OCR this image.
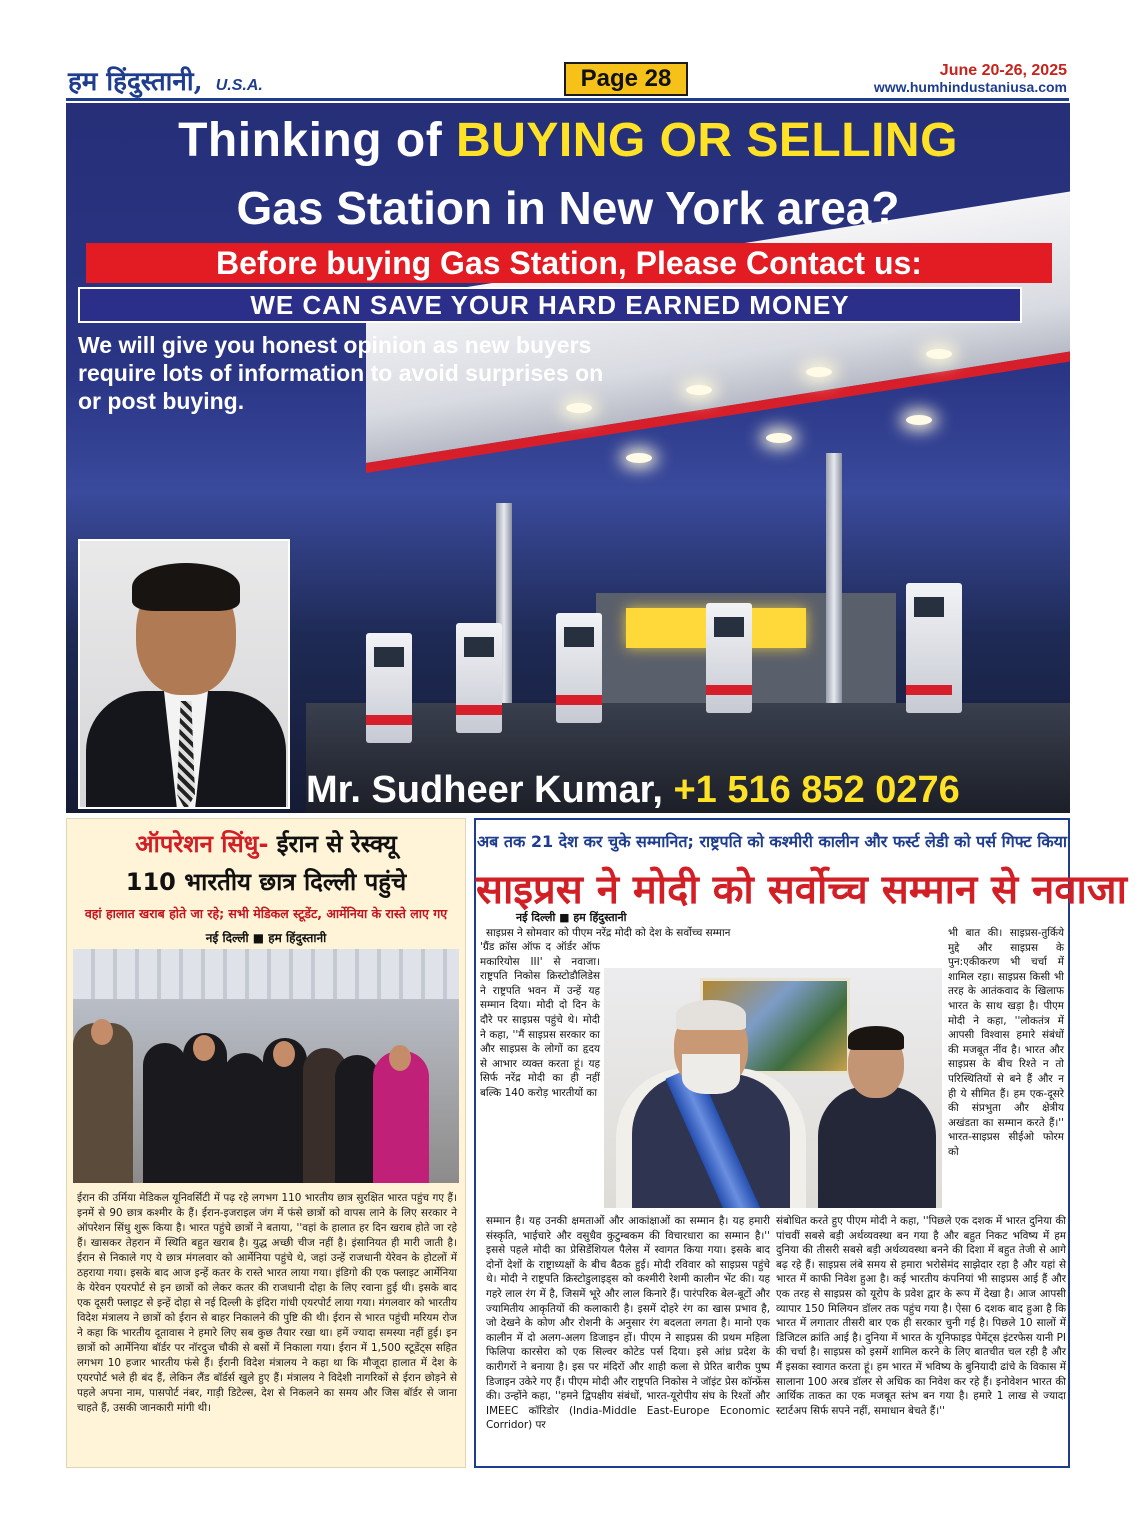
हम हिंदुस्तानी, U.S.A.	Page 28	June 20-26, 2025
www.humhindustaniusa.com
Thinking of BUYING OR SELLING
Gas Station in New York area?
Before buying Gas Station, Please Contact us:
WE CAN SAVE YOUR HARD EARNED MONEY
We will give you honest opinion as new buyers require lots of information to avoid surprises on or post buying.
Mr. Sudheer Kumar, +1 516 852 0276
ऑपरेशन सिंधु- ईरान से रेस्क्यू
110 भारतीय छात्र दिल्ली पहुंचे
वहां हालात खराब होते जा रहे; सभी मेडिकल स्टूडेंट, आर्मेनिया के रास्ते लाए गए
नई दिल्ली ■ हम हिंदुस्तानी
ईरान की उर्मिया मेडिकल यूनिवर्सिटी में पढ़ रहे लगभग 110 भारतीय छात्र सुरक्षित भारत पहुंच गए हैं। इनमें से 90 छात्र कश्मीर के हैं। ईरान-इजराइल जंग में फंसे छात्रों को वापस लाने के लिए सरकार ने ऑपरेशन सिंधु शुरू किया है। भारत पहुंचे छात्रों ने बताया, ''वहां के हालात हर दिन खराब होते जा रहे हैं। खासकर तेहरान में स्थिति बहुत खराब है। युद्ध अच्छी चीज नहीं है। इंसानियत ही मारी जाती है। ईरान से निकाले गए ये छात्र मंगलवार को आर्मेनिया पहुंचे थे, जहां उन्हें राजधानी येरेवन के होटलों में ठहराया गया। इसके बाद आज इन्हें कतर के रास्ते भारत लाया गया। इंडिगो की एक फ्लाइट आर्मेनिया के येरेवन एयरपोर्ट से इन छात्रों को लेकर कतर की राजधानी दोहा के लिए रवाना हुई थी। इसके बाद एक दूसरी फ्लाइट से इन्हें दोहा से नई दिल्ली के इंदिरा गांधी एयरपोर्ट लाया गया। मंगलवार को भारतीय विदेश मंत्रालय ने छात्रों को ईरान से बाहर निकालने की पुष्टि की थी। ईरान से भारत पहुंची मरियम रोज ने कहा कि भारतीय दूतावास ने हमारे लिए सब कुछ तैयार रखा था। हमें ज्यादा समस्या नहीं हुई। इन छात्रों को आर्मेनिया बॉर्डर पर नॉरदुज चौकी से बसों में निकाला गया। ईरान में 1,500 स्टूडेंट्स सहित लगभग 10 हजार भारतीय फंसे हैं। ईरानी विदेश मंत्रालय ने कहा था कि मौजूदा हालात में देश के एयरपोर्ट भले ही बंद हैं, लेकिन लैंड बॉर्डर्स खुले हुए हैं। मंत्रालय ने विदेशी नागरिकों से ईरान छोड़ने से पहले अपना नाम, पासपोर्ट नंबर, गाड़ी डिटेल्स, देश से निकलने का समय और जिस बॉर्डर से जाना चाहते हैं, उसकी जानकारी मांगी थी।
अब तक 21 देश कर चुके सम्मानित; राष्ट्रपति को कश्मीरी कालीन और फर्स्ट लेडी को पर्स गिफ्ट किया
साइप्रस ने मोदी को सर्वोच्च सम्मान से नवाजा
नई दिल्ली ■ हम हिंदुस्तानी
साइप्रस ने सोमवार को पीएम नरेंद्र मोदी को देश के सर्वोच्च सम्मान
'ग्रैंड क्रॉस ऑफ द ऑर्डर ऑफ मकारियोस III' से नवाजा। राष्ट्रपति निकोस क्रिस्टोडौलिडेस ने राष्ट्रपति भवन में उन्हें यह सम्मान दिया। मोदी दो दिन के दौरे पर साइप्रस पहुंचे थे। मोदी ने कहा, ''मैं साइप्रस सरकार का और साइप्रस के लोगों का हृदय से आभार व्यक्त करता हूं। यह सिर्फ नरेंद्र मोदी का ही नहीं बल्कि 140 करोड़ भारतीयों का
भी बात की। साइप्रस-तुर्किये मुद्दे और साइप्रस के पुन:एकीकरण भी चर्चा में शामिल रहा। साइप्रस किसी भी तरह के आतंकवाद के खिलाफ भारत के साथ खड़ा है। पीएम मोदी ने कहा, ''लोकतंत्र में आपसी विश्वास हमारे संबंधों की मजबूत नींव है। भारत और साइप्रस के बीच रिश्ते न तो परिस्थितियों से बने हैं और न ही ये सीमित हैं। हम एक-दूसरे की संप्रभुता और क्षेत्रीय अखंडता का सम्मान करते हैं।'' भारत-साइप्रस सीईओ फोरम को
सम्मान है। यह उनकी क्षमताओं और आकांक्षाओं का सम्मान है। यह हमारी संस्कृति, भाईचारे और वसुधैव कुटुम्बकम की विचारधारा का सम्मान है।'' इससे पहले मोदी का प्रेसिडेंशियल पैलेस में स्वागत किया गया। इसके बाद दोनों देशों के राष्ट्राध्यक्षों के बीच बैठक हुई। मोदी रविवार को साइप्रस पहुंचे थे। मोदी ने राष्ट्रपति क्रिस्टोडुलाइड्स को कश्मीरी रेशमी कालीन भेंट की। यह गहरे लाल रंग में है, जिसमें भूरे और लाल किनारे हैं। पारंपरिक बेल-बूटों और ज्यामितीय आकृतियों की कलाकारी है। इसमें दोहरे रंग का खास प्रभाव है, जो देखने के कोण और रोशनी के अनुसार रंग बदलता लगता है। मानो एक कालीन में दो अलग-अलग डिजाइन हों। पीएम ने साइप्रस की प्रथम महिला फिलिपा कारसेरा को एक सिल्वर कोटेड पर्स दिया। इसे आंध्र प्रदेश के कारीगरों ने बनाया है। इस पर मंदिरों और शाही कला से प्रेरित बारीक पुष्प डिजाइन उकेरे गए हैं। पीएम मोदी और राष्ट्रपति निकोस ने जॉइंट प्रेस कॉन्फ्रेंस की। उन्होंने कहा, ''हमने द्विपक्षीय संबंधों, भारत-यूरोपीय संघ के रिश्तों और IMEEC कॉरिडोर (India-Middle East-Europe Economic Corridor) पर
संबोधित करते हुए पीएम मोदी ने कहा, ''पिछले एक दशक में भारत दुनिया की पांचवीं सबसे बड़ी अर्थव्यवस्था बन गया है और बहुत निकट भविष्य में हम दुनिया की तीसरी सबसे बड़ी अर्थव्यवस्था बनने की दिशा में बहुत तेजी से आगे बढ़ रहे हैं। साइप्रस लंबे समय से हमारा भरोसेमंद साझेदार रहा है और यहां से भारत में काफी निवेश हुआ है। कई भारतीय कंपनियां भी साइप्रस आई हैं और एक तरह से साइप्रस को यूरोप के प्रवेश द्वार के रूप में देखा है। आज आपसी व्यापार 150 मिलियन डॉलर तक पहुंच गया है। ऐसा 6 दशक बाद हुआ है कि भारत में लगातार तीसरी बार एक ही सरकार चुनी गई है। पिछले 10 सालों में डिजिटल क्रांति आई है। दुनिया में भारत के यूनिफाइड पेमेंट्स इंटरफेस यानी PI की चर्चा है। साइप्रस को इसमें शामिल करने के लिए बातचीत चल रही है और मैं इसका स्वागत करता हूं। हम भारत में भविष्य के बुनियादी ढांचे के विकास में सालाना 100 अरब डॉलर से अधिक का निवेश कर रहे हैं। इनोवेशन भारत की आर्थिक ताकत का एक मजबूत स्तंभ बन गया है। हमारे 1 लाख से ज्यादा स्टार्टअप सिर्फ सपने नहीं, समाधान बेचते हैं।''
